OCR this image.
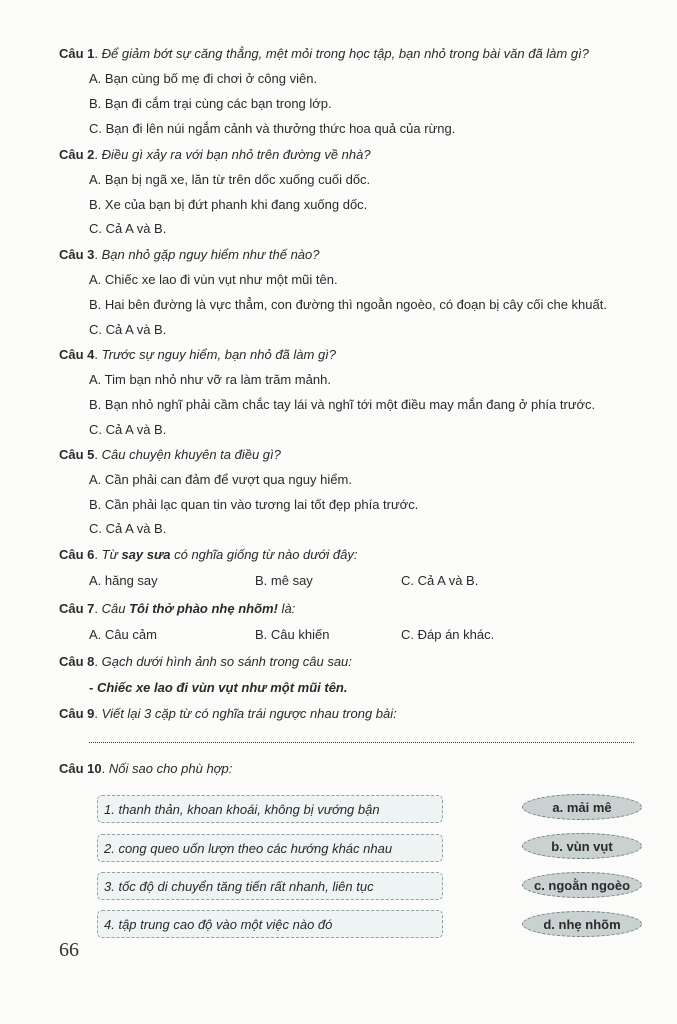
Câu 1. Để giảm bớt sự căng thẳng, mệt mỏi trong học tập, bạn nhỏ trong bài văn đã làm gì?
A. Bạn cùng bố mẹ đi chơi ở công viên.
B. Bạn đi cắm trại cùng các bạn trong lớp.
C. Bạn đi lên núi ngắm cảnh và thưởng thức hoa quả của rừng.
Câu 2. Điều gì xảy ra với bạn nhỏ trên đường về nhà?
A. Bạn bị ngã xe, lăn từ trên dốc xuống cuối dốc.
B. Xe của bạn bị đứt phanh khi đang xuống dốc.
C. Cả A và B.
Câu 3. Bạn nhỏ gặp nguy hiểm như thế nào?
A. Chiếc xe lao đi vùn vụt như một mũi tên.
B. Hai bên đường là vực thẳm, con đường thì ngoằn ngoèo, có đoạn bị cây cối che khuất.
C. Cả A và B.
Câu 4. Trước sự nguy hiểm, bạn nhỏ đã làm gì?
A. Tim bạn nhỏ như vỡ ra làm trăm mảnh.
B. Bạn nhỏ nghĩ phải cầm chắc tay lái và nghĩ tới một điều may mắn đang ở phía trước.
C. Cả A và B.
Câu 5. Câu chuyện khuyên ta điều gì?
A. Cần phải can đảm để vượt qua nguy hiểm.
B. Cần phải lạc quan tin vào tương lai tốt đẹp phía trước.
C. Cả A và B.
Câu 6. Từ say sưa có nghĩa giống từ nào dưới đây:
A. hăng say	B. mê say	C. Cả A và B.
Câu 7. Câu Tôi thở phào nhẹ nhõm! là:
A. Câu cảm	B. Câu khiến	C. Đáp án khác.
Câu 8. Gạch dưới hình ảnh so sánh trong câu sau:
- Chiếc xe lao đi vùn vụt như một mũi tên.
Câu 9. Viết lại 3 cặp từ có nghĩa trái ngược nhau trong bài:
Câu 10. Nối sao cho phù hợp:
1. thanh thản, khoan khoái, không bị vướng bận
2. cong queo uốn lượn theo các hướng khác nhau
3. tốc độ di chuyển tăng tiến rất nhanh, liên tục
4. tập trung cao độ vào một việc nào đó
a. mải mê
b. vùn vụt
c. ngoằn ngoèo
d. nhẹ nhõm
66
